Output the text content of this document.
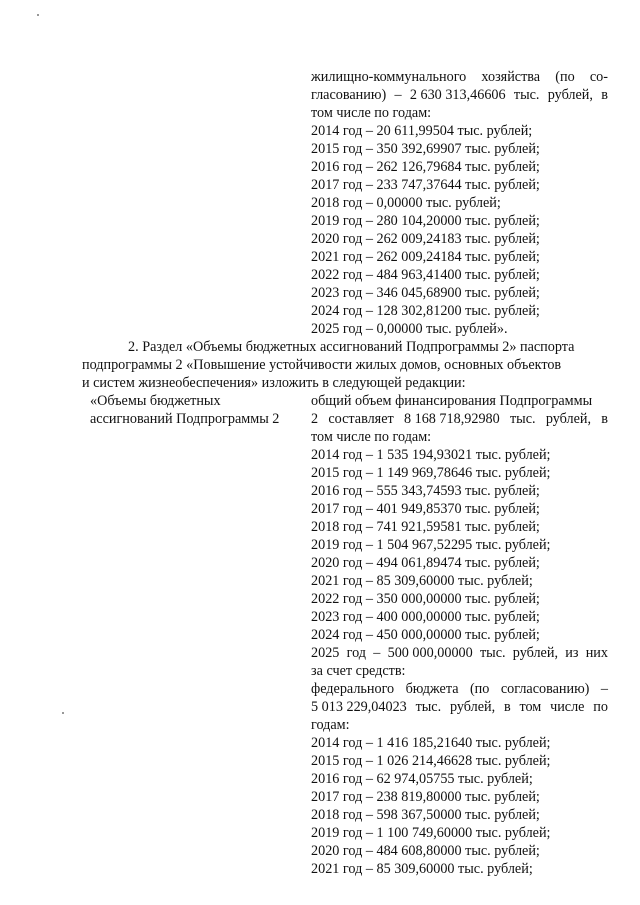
жилищно-коммунального хозяйства (по со-
гласованию) – 2 630 313,46606 тыс. рублей, в
том числе по годам:
2014 год – 20 611,99504 тыс. рублей;
2015 год – 350 392,69907 тыс. рублей;
2016 год – 262 126,79684 тыс. рублей;
2017 год – 233 747,37644 тыс. рублей;
2018 год – 0,00000 тыс. рублей;
2019 год – 280 104,20000 тыс. рублей;
2020 год – 262 009,24183 тыс. рублей;
2021 год – 262 009,24184 тыс. рублей;
2022 год – 484 963,41400 тыс. рублей;
2023 год – 346 045,68900 тыс. рублей;
2024 год – 128 302,81200 тыс. рублей;
2025 год – 0,00000 тыс. рублей».
2. Раздел «Объемы бюджетных ассигнований Подпрограммы 2» паспорта
подпрограммы 2 «Повышение устойчивости жилых домов, основных объектов
и систем жизнеобеспечения» изложить в следующей редакции:
«Объемы бюджетных
ассигнований Подпрограммы 2
общий объем финансирования Подпрограммы
2 составляет 8 168 718,92980 тыс. рублей, в
том числе по годам:
2014 год – 1 535 194,93021 тыс. рублей;
2015 год – 1 149 969,78646 тыс. рублей;
2016 год – 555 343,74593 тыс. рублей;
2017 год – 401 949,85370 тыс. рублей;
2018 год – 741 921,59581 тыс. рублей;
2019 год – 1 504 967,52295 тыс. рублей;
2020 год – 494 061,89474 тыс. рублей;
2021 год – 85 309,60000 тыс. рублей;
2022 год – 350 000,00000 тыс. рублей;
2023 год – 400 000,00000 тыс. рублей;
2024 год – 450 000,00000 тыс. рублей;
2025 год – 500 000,00000 тыс. рублей, из них
за счет средств:
федерального бюджета (по согласованию) –
5 013 229,04023 тыс. рублей, в том числе по
годам:
2014 год – 1 416 185,21640 тыс. рублей;
2015 год – 1 026 214,46628 тыс. рублей;
2016 год – 62 974,05755 тыс. рублей;
2017 год – 238 819,80000 тыс. рублей;
2018 год – 598 367,50000 тыс. рублей;
2019 год – 1 100 749,60000 тыс. рублей;
2020 год – 484 608,80000 тыс. рублей;
2021 год – 85 309,60000 тыс. рублей;
